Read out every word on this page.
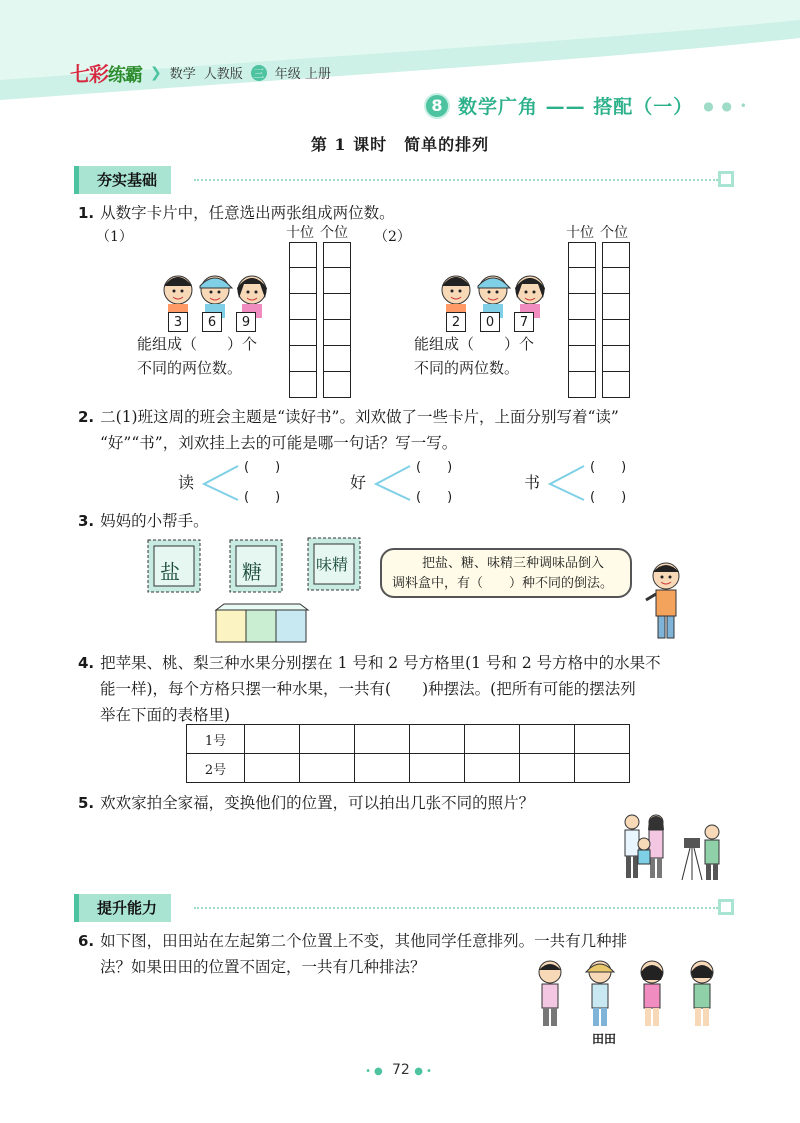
七彩练霸 ❯ 数学 人教版 三 年级 上册
8 数学广角 —— 搭配（一） ● ● •
第 1 课时　简单的排列
夯实基础
1. 从数字卡片中，任意选出两张组成两位数。
（1）	（2）
3	6	9
能组成（　　）个
不同的两位数。
十位 个位
2	0	7
能组成（　　）个
不同的两位数。
十位 个位
2. 二(1)班这周的班会主题是“读好书”。刘欢做了一些卡片，上面分别写着“读”
“好”“书”，刘欢挂上去的可能是哪一句话？写一写。
读
(　　)
(　　)
好
(　　)
(　　)
书
(　　)
(　　)
3. 妈妈的小帮手。
盐	糖	味精	把盐、糖、味精三种调味品倒入
调料盒中，有（　　）种不同的倒法。
4. 把苹果、桃、梨三种水果分别摆在 1 号和 2 号方格里(1 号和 2 号方格中的水果不
能一样)，每个方格只摆一种水果，一共有(　　)种摆法。(把所有可能的摆法列
举在下面的表格里)
1号							
2号							
5. 欢欢家拍全家福，变换他们的位置，可以拍出几张不同的照片？
提升能力
6. 如下图，田田站在左起第二个位置上不变，其他同学任意排列。一共有几种排
法？如果田田的位置不固定，一共有几种排法？
田田
•● 72 ●•
